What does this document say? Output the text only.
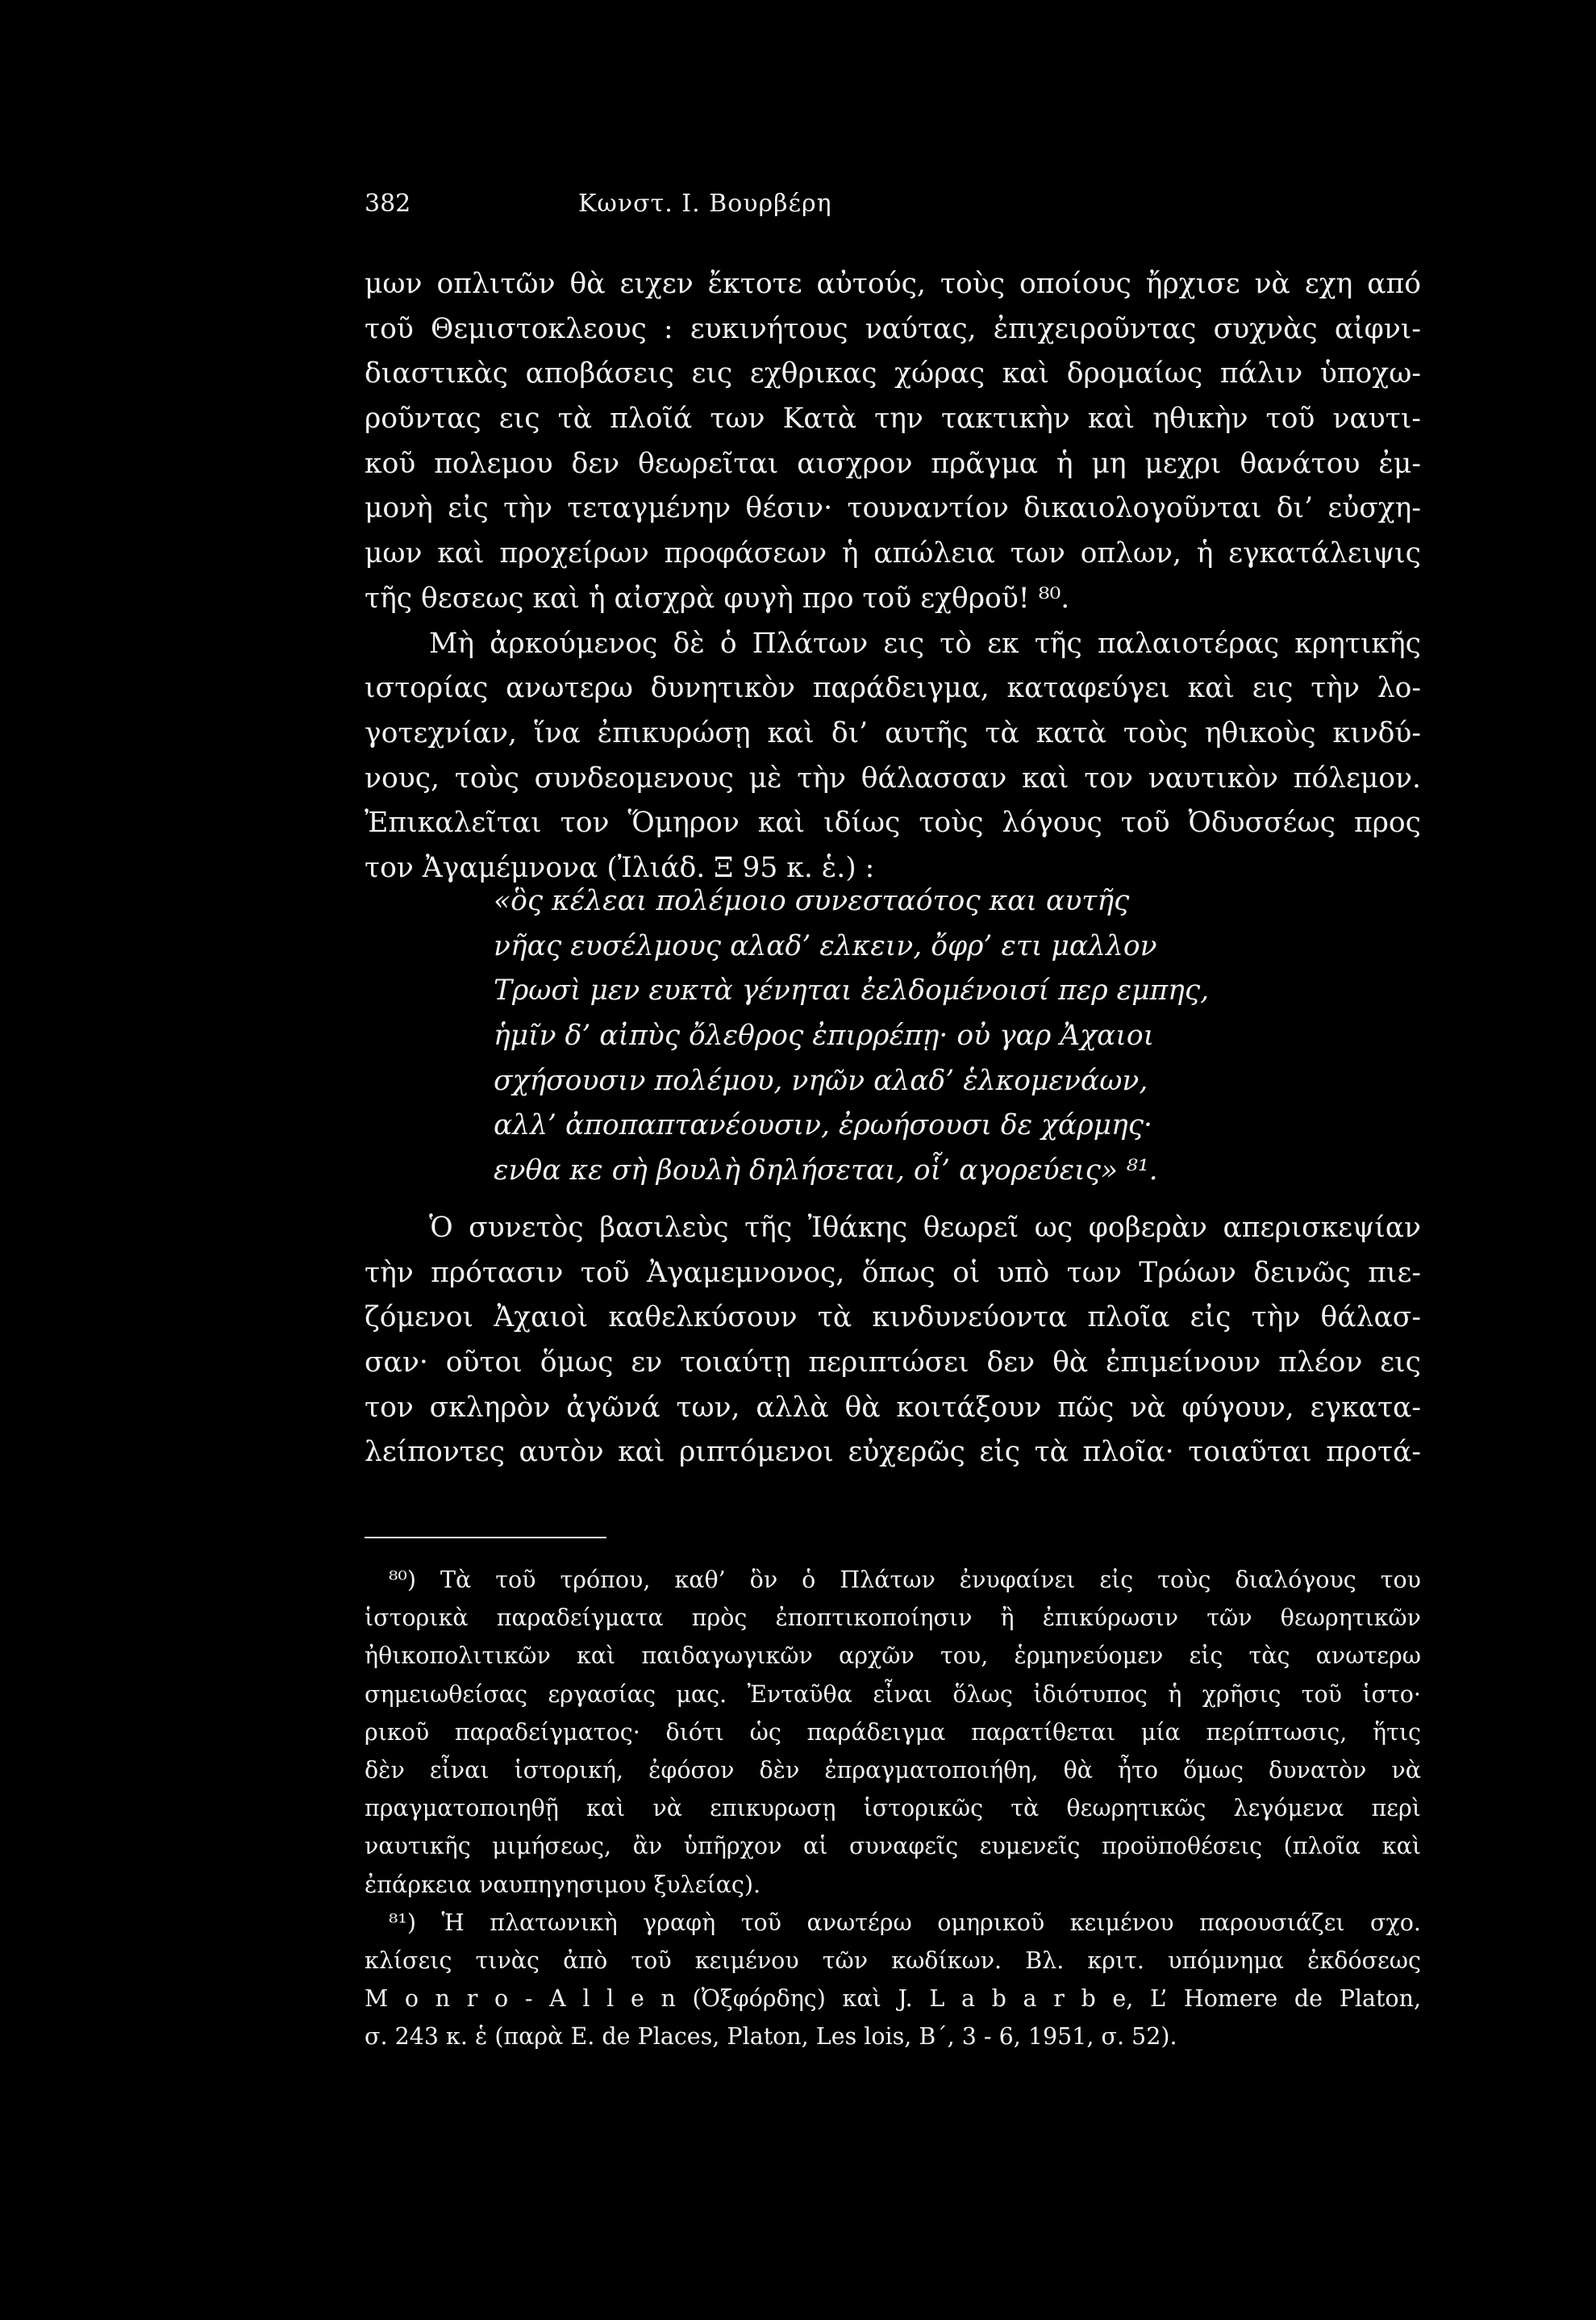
382	Κωνστ. Ι. Βουρβέρη
μων οπλιτῶν θὰ ειχεν ἔκτοτε αὐτούς, τοὺς οποίους ἤρχισε νὰ εχη από
τοῦ Θεμιστοκλεους : ευκινήτους ναύτας, ἐπιχειροῦντας συχνὰς αἰφνι-
διαστικὰς αποβάσεις εις εχθρικας χώρας καὶ δρομαίως πάλιν ὑποχω-
ροῦντας εις τὰ πλοῖά των Κατὰ την τακτικὴν καὶ ηθικὴν τοῦ ναυτι-
κοῦ πολεμου δεν θεωρεῖται αισχρον πρᾶγμα ἡ μη μεχρι θανάτου ἐμ-
μονὴ εἰς τὴν τεταγμένην θέσιν· τουναντίον δικαιολογοῦνται δι’ εὐσχη-
μων καὶ προχείρων προφάσεων ἡ απώλεια των οπλων, ἡ εγκατάλειψις
τῆς θεσεως καὶ ἡ αἰσχρὰ φυγὴ προ τοῦ εχθροῦ! ⁸⁰.
Μὴ ἀρκούμενος δὲ ὁ Πλάτων εις τὸ εκ τῆς παλαιοτέρας κρητικῆς
ιστορίας ανωτερω δυνητικὸν παράδειγμα, καταφεύγει καὶ εις τὴν λο-
γοτεχνίαν, ἵνα ἐπικυρώσῃ καὶ δι’ αυτῆς τὰ κατὰ τοὺς ηθικοὺς κινδύ-
νους, τοὺς συνδεομενους μὲ τὴν θάλασσαν καὶ τον ναυτικὸν πόλεμον.
Ἐπικαλεῖται τον Ὅμηρον καὶ ιδίως τοὺς λόγους τοῦ Ὀδυσσέως προς
τον Ἀγαμέμνονα (Ἰλιάδ. Ξ 95 κ. ἑ.) :
«ὃς κέλεαι πολέμοιο συνεσταότος και αυτῆς
νῆας ευσέλμους αλαδ’ ελκειν, ὄφρ’ ετι μαλλον
Τρωσὶ μεν ευκτὰ γένηται ἐελδομένοισί περ εμπης,
ἡμῖν δ’ αἰπὺς ὄλεθρος ἐπιρρέπῃ· οὐ γαρ Ἀχαιοι
σχήσουσιν πολέμου, νηῶν αλαδ’ ἑλκομενάων,
αλλ’ ἀποπαπτανέουσιν, ἐρωήσουσι δε χάρμης·
ενθα κε σὴ βουλὴ δηλήσεται, οἷ’ αγορεύεις» ⁸¹.
Ὁ συνετὸς βασιλεὺς τῆς Ἰθάκης θεωρεῖ ως φοβερὰν απερισκεψίαν
τὴν πρότασιν τοῦ Ἀγαμεμνονος, ὅπως οἱ υπὸ των Τρώων δεινῶς πιε-
ζόμενοι Ἀχαιοὶ καθελκύσουν τὰ κινδυνεύοντα πλοῖα εἰς τὴν θάλασ-
σαν· οῦτοι ὅμως εν τοιαύτῃ περιπτώσει δεν θὰ ἐπιμείνουν πλέον εις
τον σκληρὸν ἀγῶνά των, αλλὰ θὰ κοιτάξουν πῶς νὰ φύγουν, εγκατα-
λείποντες αυτὸν καὶ ριπτόμενοι εὐχερῶς εἰς τὰ πλοῖα· τοιαῦται προτά-
⁸⁰) Τὰ τοῦ τρόπου, καθ’ ὃν ὁ Πλάτων ἐνυφαίνει εἰς τοὺς διαλόγους του
ἱστορικὰ παραδείγματα πρὸς ἐποπτικοποίησιν ἢ ἐπικύρωσιν τῶν θεωρητικῶν
ἠθικοπολιτικῶν καὶ παιδαγωγικῶν αρχῶν του, ἑρμηνεύομεν εἰς τὰς ανωτερω
σημειωθείσας εργασίας μας. Ἐνταῦθα εἶναι ὅλως ἰδιότυπος ἡ χρῆσις τοῦ ἱστο·
ρικοῦ παραδείγματος· διότι ὡς παράδειγμα παρατίθεται μία περίπτωσις, ἥτις
δὲν εἶναι ἱστορική, ἐφόσον δὲν ἐπραγματοποιήθη, θὰ ἦτο ὅμως δυνατὸν νὰ
πραγματοποιηθῇ καὶ νὰ επικυρωσῃ ἱστορικῶς τὰ θεωρητικῶς λεγόμενα περὶ
ναυτικῆς μιμήσεως, ἂν ὑπῆρχον αἱ συναφεῖς ευμενεῖς προϋποθέσεις (πλοῖα καὶ
ἐπάρκεια ναυπηγησιμου ξυλείας).
⁸¹) Ἡ πλατωνικὴ γραφὴ τοῦ ανωτέρω ομηρικοῦ κειμένου παρουσιάζει σχο.
κλίσεις τινὰς ἀπὸ τοῦ κειμένου τῶν κωδίκων. Βλ. κριτ. υπόμνημα ἐκδόσεως
M o n r o - A l l e n (Ὀξφόρδης) καὶ J. L a b a r b e, L’ Homere de Platon,
σ. 243 κ. ἑ (παρὰ E. de Places, Platon, Les lois, B΄, 3 - 6, 1951, σ. 52).
